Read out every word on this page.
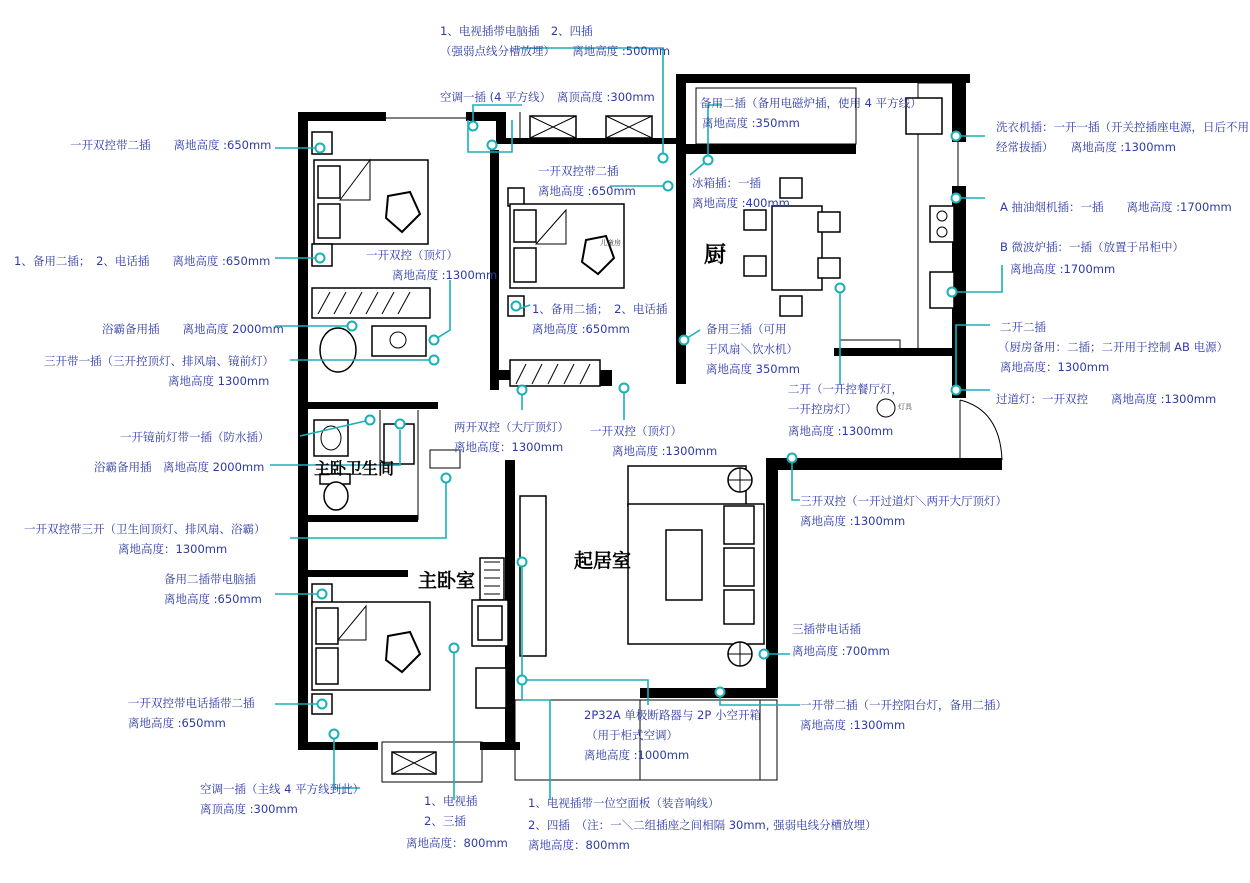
厨
主卧室
起居室
主卧卫生间
儿童房
灯具
1、电视插带电脑插　2、四插
（强弱点线分槽放埋）　　离地高度 :500mm
空调一插 (4 平方线）　离顶高度 :300mm	备用二插（备用电磁炉插，使用 4 平方线）
离地高度 :350mm	洗衣机插：一开一插（开关控插座电源，日后不用
经常拔插）　　离地高度 :1300mm
一开双控带二插　　离地高度 :650mm
一开双控带二插
离地高度 :650mm
冰箱插：一插
离地高度 :400mm	A 抽油烟机插：一插　　离地高度 :1700mm
B 微波炉插：一插（放置于吊柜中）
离地高度 :1700mm
1、备用二插；　2、电话插　　离地高度 :650mm	一开双控（顶灯）
离地高度 :1300mm
浴霸备用插　　离地高度 2000mm
1、备用二插；　2、电话插
离地高度 :650mm	备用三插（可用
于风扇＼饮水机）
离地高度 350mm
二开二插
（厨房备用：二插；二开用于控制 AB 电源）
离地高度：1300mm
三开带一插（三开控顶灯、排风扇、镜前灯）
离地高度 1300mm
二开（一开控餐厅灯，
一开控房灯）
离地高度 :1300mm
过道灯：一开双控　　离地高度 :1300mm
两开双控（大厅顶灯）
离地高度：1300mm
一开双控（顶灯）
离地高度 :1300mm
一开镜前灯带一插（防水插）
浴霸备用插　离地高度 2000mm
三开双控（一开过道灯＼两开大厅顶灯）
离地高度 :1300mm
一开双控带三开（卫生间顶灯、排风扇、浴霸）
离地高度：1300mm
备用二插带电脑插
离地高度 :650mm
三插带电话插
离地高度 :700mm
一开双控带电话插带二插
离地高度 :650mm
一开带二插（一开控阳台灯，备用二插）
离地高度 :1300mm
2P32A 单极断路器与 2P 小空开箱
（用于柜式空调）
离地高度 :1000mm
空调一插（主线 4 平方线到此）
离顶高度 :300mm
1、电视插
2、三插
离地高度：800mm
1、电视插带一位空面板（装音响线）
2、四插　（注：一＼二组插座之间相隔 30mm, 强弱电线分槽放埋）
离地高度：800mm
